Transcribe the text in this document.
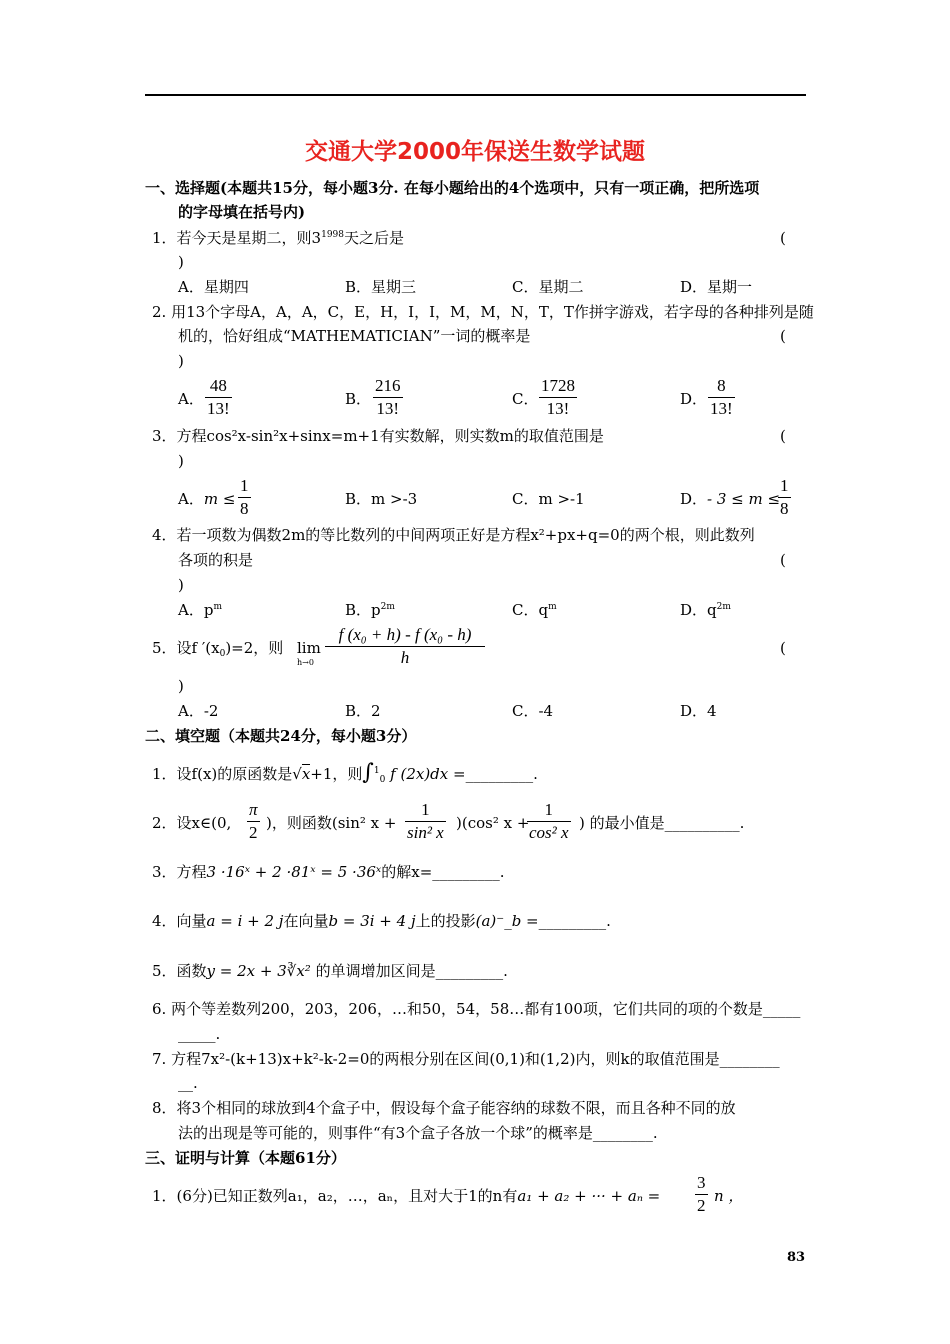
交通大学2000年保送生数学试题
一、选择题(本题共15分，每小题3分. 在每小题给出的4个选项中，只有一项正确，把所选项
的字母填在括号内)
1．若今天是星期二，则$3^{1998}$天之后是	(
)
A．星期四	B．星期三	C．星期二	D．星期一
2. 用13个字母A，A，A，C，E，H，I，I，M，M，N，T，T作拼字游戏，若字母的各种排列是随
机的，恰好组成“MATHEMATICIAN”一词的概率是	(
)
A． $\frac{48}{13!}$	B． $\frac{216}{13!}$	C． $\frac{1728}{13!}$	D． $\frac{8}{13!}$
3．方程cos²x-sin²x+sinx=m+1有实数解，则实数m的取值范围是	(
)
A．$m \le \frac{1}{8}$	B．m >-3	C．m >-1	D．- 3 ≤ m ≤
$\frac{1}{8}$
4．若一项数为偶数2m的等比数列的中间两项正好是方程x²+px+q=0的两个根，则此数列
各项的积是	(
)
A．$p^m$	B．$p^{2m}$	C．$q^m$	D．$q^{2m}$
5．设f $'(x_0)=2$，则 lim
$h\to 0 \frac{\text{f (x₀ + h) - f (x₀ - h)}}{h}$	(
)
A．-2	B．2	C．-4	D．4
二、填空题（本题共24分，每小题3分）
1．设f(x)的原函数是√x+1，则∫$^1_0$ f (2x)dx =_________.
2．设x∈(0, $\frac{\pi}{2}$ )，则函数(sin² $x + \frac{1}{\text{sin² x}} )(\cos^2$ x +
$\frac{1}{\text{cos² x}}$ ) 的最小值是__________.
3．方程3 ·16ˣ + 2 ·81ˣ = 5 ·36ˣ的解x=_________.
4．向量a = i + 2 j在向量b = 3i + 4 j上的投影(a)⁻_b =_________.
5．函数y = 2x + 3∛x² 的单调增加区间是_________.
6. 两个等差数列200，203，206，…和50，54，58…都有100项，它们共同的项的个数是_____
_____.
7. 方程7x²-(k+13)x+k²-k-2=0的两根分别在区间(0,1)和(1,2)内，则k的取值范围是________
__.
8．将3个相同的球放到4个盒子中，假设每个盒子能容纳的球数不限，而且各种不同的放
法的出现是等可能的，则事件“有3个盒子各放一个球”的概率是________.
三、证明与计算（本题61分）
1．(6分)已知正数列a₁，a₂，…，aₙ，且对大于1的n有a₁ + a₂ + ··· + $a_n = \frac{3}{2}$ n ，
83
